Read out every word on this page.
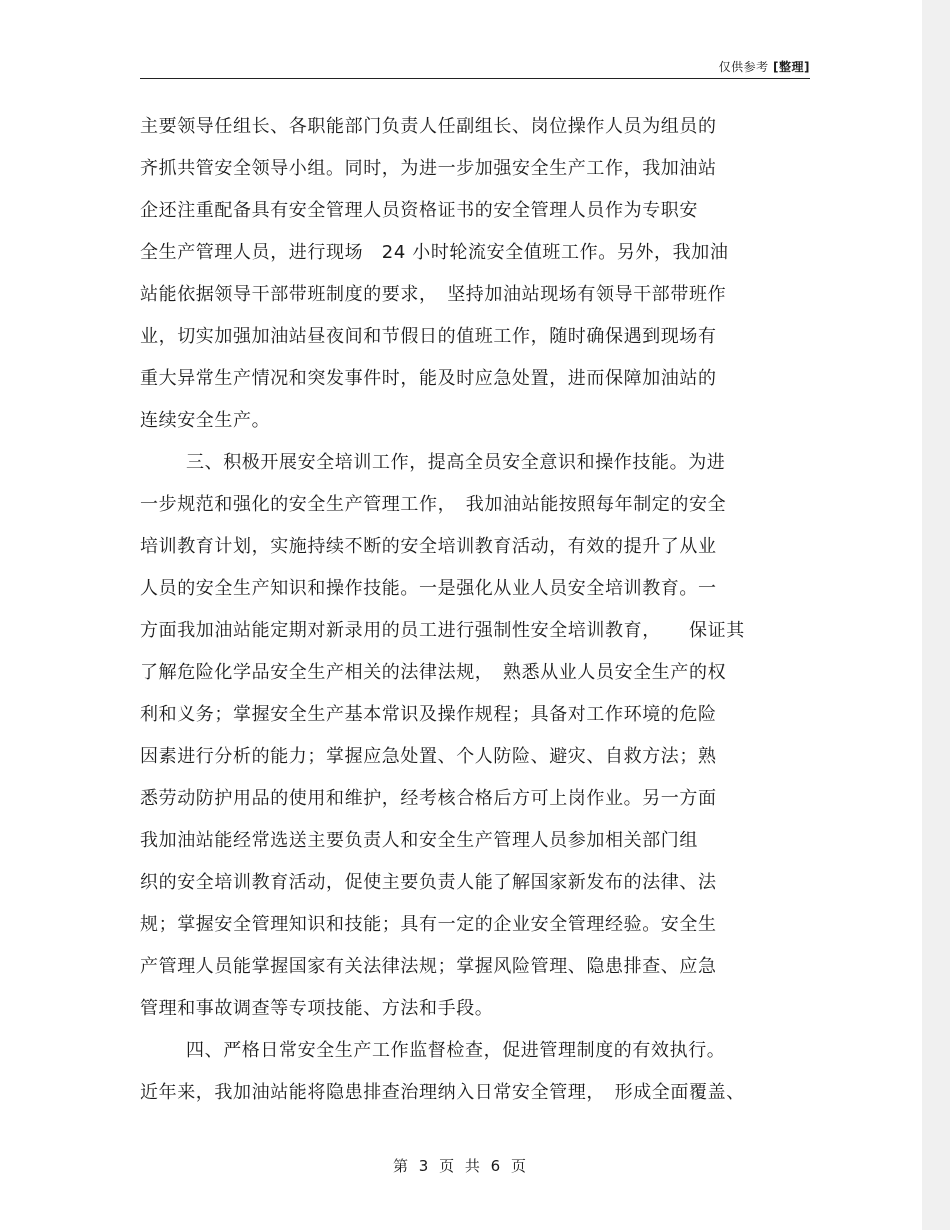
仅供参考 [整理]
主要领导任组长、各职能部门负责人任副组长、岗位操作人员为组员的
齐抓共管安全领导小组。同时，为进一步加强安全生产工作，我加油站
企还注重配备具有安全管理人员资格证书的安全管理人员作为专职安
全生产管理人员，进行现场　24 小时轮流安全值班工作。另外，我加油
站能依据领导干部带班制度的要求，　坚持加油站现场有领导干部带班作
业，切实加强加油站昼夜间和节假日的值班工作，随时确保遇到现场有
重大异常生产情况和突发事件时，能及时应急处置，进而保障加油站的
连续安全生产。
三、积极开展安全培训工作，提高全员安全意识和操作技能。为进
一步规范和强化的安全生产管理工作，　我加油站能按照每年制定的安全
培训教育计划，实施持续不断的安全培训教育活动，有效的提升了从业
人员的安全生产知识和操作技能。一是强化从业人员安全培训教育。一
方面我加油站能定期对新录用的员工进行强制性安全培训教育，　　保证其
了解危险化学品安全生产相关的法律法规，　熟悉从业人员安全生产的权
利和义务；掌握安全生产基本常识及操作规程；具备对工作环境的危险
因素进行分析的能力；掌握应急处置、个人防险、避灾、自救方法；熟
悉劳动防护用品的使用和维护，经考核合格后方可上岗作业。另一方面
我加油站能经常选送主要负责人和安全生产管理人员参加相关部门组
织的安全培训教育活动，促使主要负责人能了解国家新发布的法律、法
规；掌握安全管理知识和技能；具有一定的企业安全管理经验。安全生
产管理人员能掌握国家有关法律法规；掌握风险管理、隐患排查、应急
管理和事故调查等专项技能、方法和手段。
四、严格日常安全生产工作监督检查，促进管理制度的有效执行。
近年来，我加油站能将隐患排查治理纳入日常安全管理，　形成全面覆盖、
第 3 页 共 6 页
